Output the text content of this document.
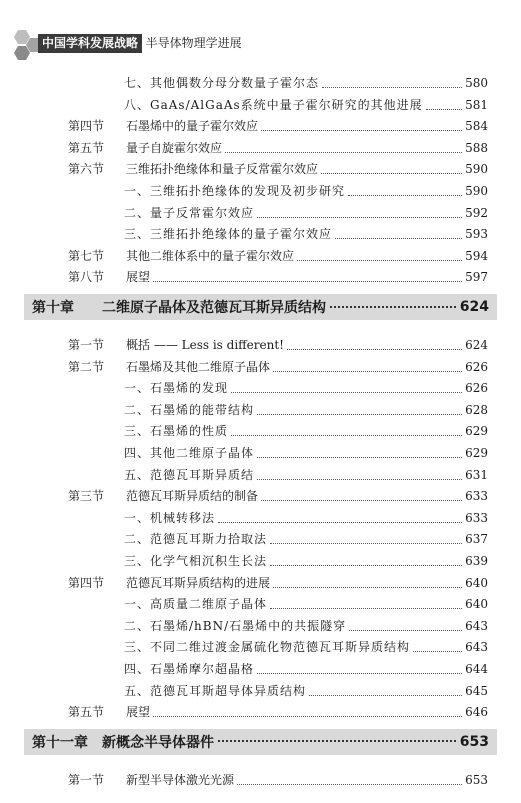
中国学科发展战略 · 半导体物理学进展
七、其他偶数分母分数量子霍尔态	580
八、GaAs/AlGaAs系统中量子霍尔研究的其他进展	581
第四节	石墨烯中的量子霍尔效应	584
第五节	量子自旋霍尔效应	588
第六节	三维拓扑绝缘体和量子反常霍尔效应	590
一、三维拓扑绝缘体的发现及初步研究	590
二、量子反常霍尔效应	592
三、三维拓扑绝缘体的量子霍尔效应	593
第七节	其他二维体系中的量子霍尔效应	594
第八节	展望	597
第十章	二维原子晶体及范德瓦耳斯异质结构	624
第一节	概括 —— Less is different!	624
第二节	石墨烯及其他二维原子晶体	626
一、石墨烯的发现	626
二、石墨烯的能带结构	628
三、石墨烯的性质	629
四、其他二维原子晶体	629
五、范德瓦耳斯异质结	631
第三节	范德瓦耳斯异质结的制备	633
一、机械转移法	633
二、范德瓦耳斯力拾取法	637
三、化学气相沉积生长法	639
第四节	范德瓦耳斯异质结构的进展	640
一、高质量二维原子晶体	640
二、石墨烯/hBN/石墨烯中的共振隧穿	643
三、不同二维过渡金属硫化物范德瓦耳斯异质结构	643
四、石墨烯摩尔超晶格	644
五、范德瓦耳斯超导体异质结构	645
第五节	展望	646
第十一章	新概念半导体器件	653
第一节	新型半导体激光光源	653
